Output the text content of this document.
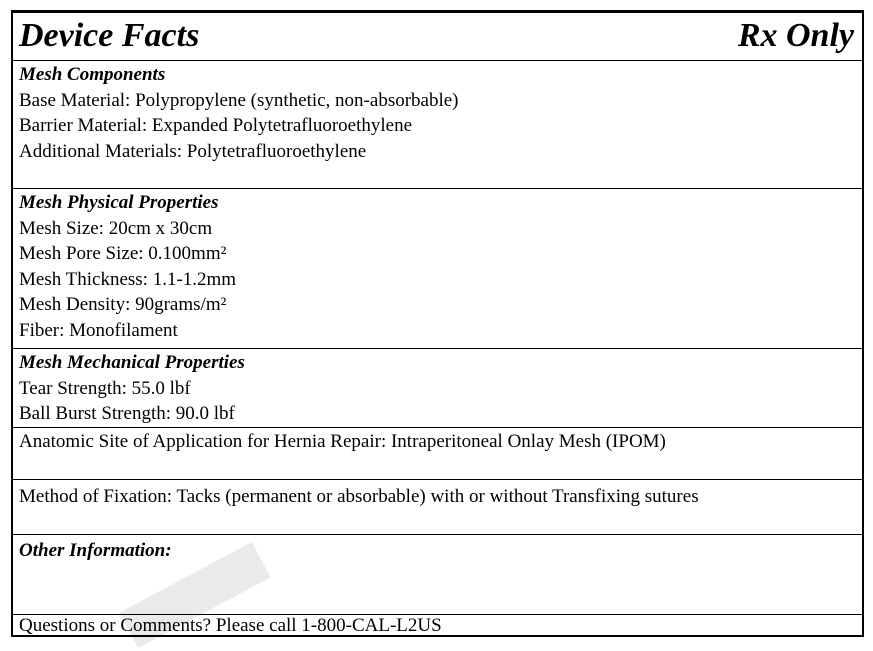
Device Facts	Rx Only
Mesh Components
Base Material: Polypropylene (synthetic, non-absorbable)
Barrier Material: Expanded Polytetrafluoroethylene
Additional Materials: Polytetrafluoroethylene
Mesh Physical Properties
Mesh Size: 20cm x 30cm
Mesh Pore Size: 0.100mm²
Mesh Thickness: 1.1-1.2mm
Mesh Density: 90grams/m²
Fiber: Monofilament
Mesh Mechanical Properties
Tear Strength: 55.0 lbf
Ball Burst Strength: 90.0 lbf
Anatomic Site of Application for Hernia Repair: Intraperitoneal Onlay Mesh (IPOM)
Method of Fixation: Tacks (permanent or absorbable) with or without Transfixing sutures
Other Information:
Questions or Comments? Please call 1-800-CAL-L2US
